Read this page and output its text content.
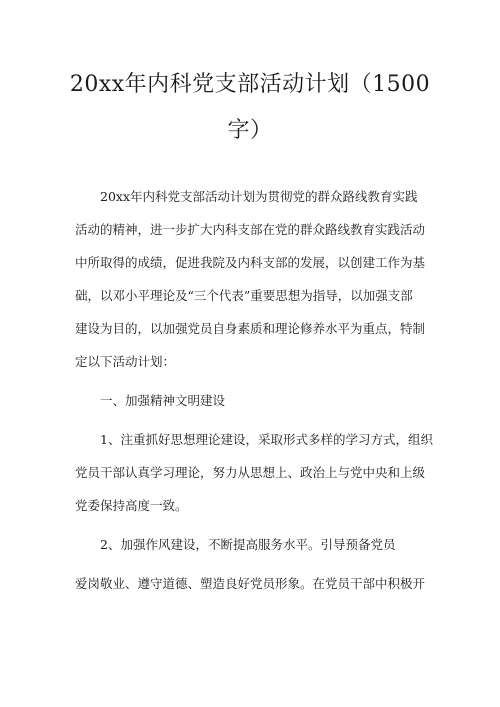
20xx年内科党支部活动计划（1500
字）

　　20xx年内科党支部活动计划为贯彻党的群众路线教育实践
活动的精神，进一步扩大内科支部在党的群众路线教育实践活动
中所取得的成绩，促进我院及内科支部的发展，以创建工作为基
础，以邓小平理论及“三个代表”重要思想为指导，以加强支部
建设为目的，以加强党员自身素质和理论修养水平为重点，特制
定以下活动计划：

　　一、加强精神文明建设

　　1、注重抓好思想理论建设，采取形式多样的学习方式，组织
党员干部认真学习理论，努力从思想上、政治上与党中央和上级
党委保持高度一致。

　　2、加强作风建设，不断提高服务水平。引导预备党员

爱岗敬业、遵守道德、塑造良好党员形象。在党员干部中积极开
